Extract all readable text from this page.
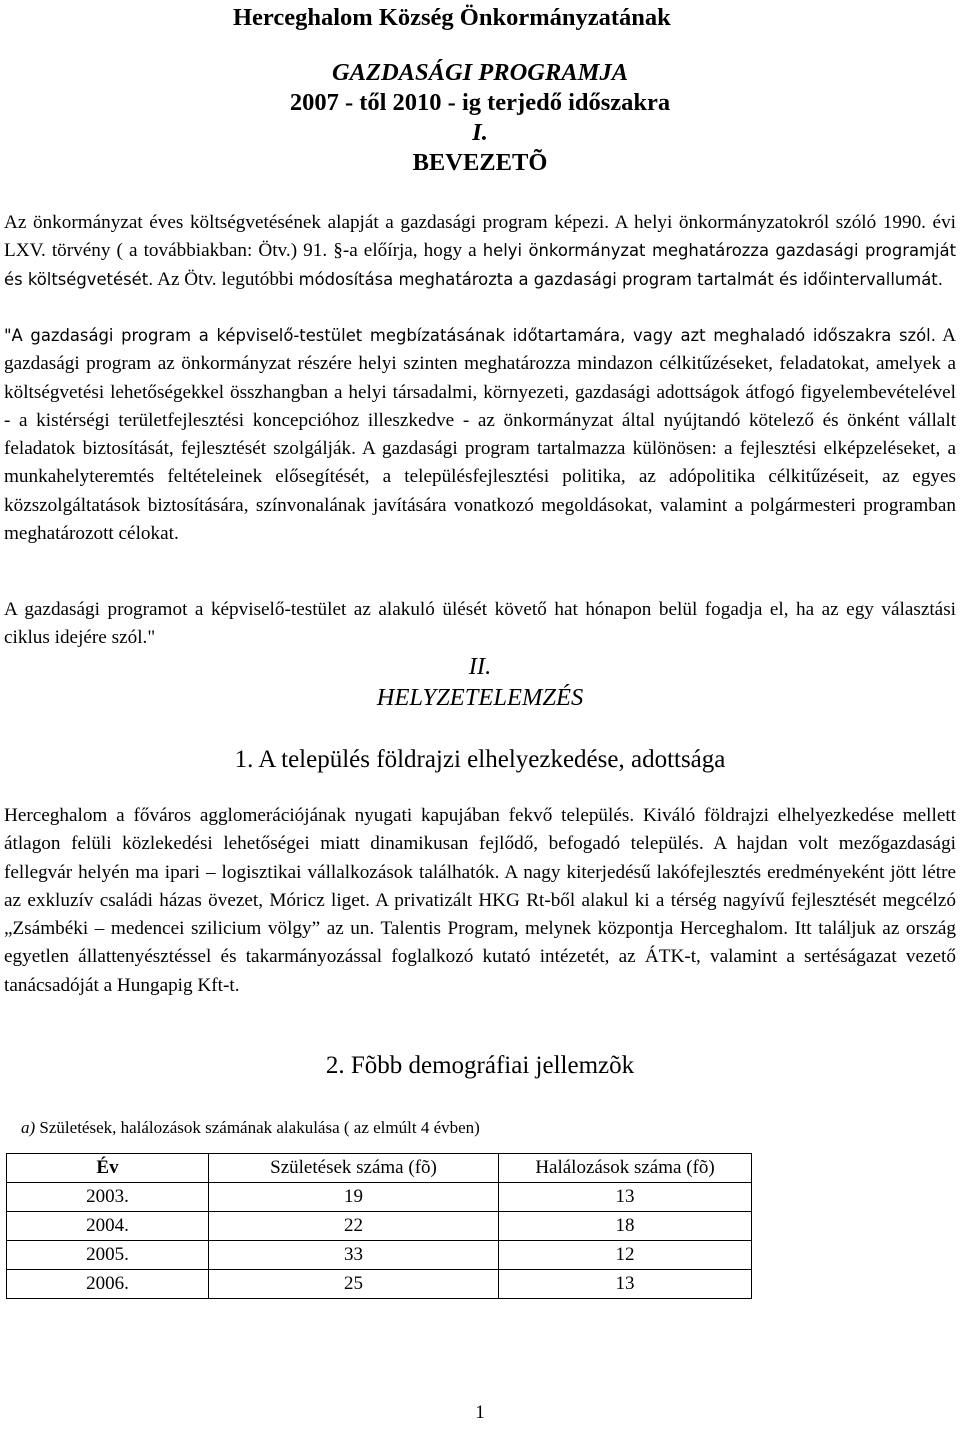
Herceghalom Község Önkormányzatának
GAZDASÁGI PROGRAMJA
2007 - től 2010 - ig terjedő időszakra
I.
BEVEZETÕ
Az önkormányzat éves költségvetésének alapját a gazdasági program képezi. A helyi önkormányzatokról szóló 1990. évi LXV. törvény ( a továbbiakban: Ötv.) 91. §-a előírja, hogy a helyi önkormányzat meghatározza gazdasági programját és költségvetését. Az Ötv. legutóbbi módosítása meghatározta a gazdasági program tartalmát és időintervallumát.
"A gazdasági program a képviselő-testület megbízatásának időtartamára, vagy azt meghaladó időszakra szól. A gazdasági program az önkormányzat részére helyi szinten meghatározza mindazon célkitűzéseket, feladatokat, amelyek a költségvetési lehetőségekkel összhangban a helyi társadalmi, környezeti, gazdasági adottságok átfogó figyelembevételével - a kistérségi területfejlesztési koncepcióhoz illeszkedve - az önkormányzat által nyújtandó kötelező és önként vállalt feladatok biztosítását, fejlesztését szolgálják. A gazdasági program tartalmazza különösen: a fejlesztési elképzeléseket, a munkahelyteremtés feltételeinek elősegítését, a településfejlesztési politika, az adópolitika célkitűzéseit, az egyes közszolgáltatások biztosítására, színvonalának javítására vonatkozó megoldásokat, valamint a polgármesteri programban meghatározott célokat.
A gazdasági programot a képviselő-testület az alakuló ülését követő hat hónapon belül fogadja el, ha az egy választási ciklus idejére szól."
II.
HELYZETELEMZÉS
1. A település földrajzi elhelyezkedése, adottsága
Herceghalom a főváros agglomerációjának nyugati kapujában fekvő település. Kiváló földrajzi elhelyezkedése mellett átlagon felüli közlekedési lehetőségei miatt dinamikusan fejlődő, befogadó település. A hajdan volt mezőgazdasági fellegvár helyén ma ipari – logisztikai vállalkozások találhatók. A nagy kiterjedésű lakófejlesztés eredményeként jött létre az exkluzív családi házas övezet, Móricz liget. A privatizált HKG Rt-ből alakul ki a térség nagyívű fejlesztését megcélzó „Zsámbéki – medencei szilicium völgy” az un. Talentis Program, melynek központja Herceghalom. Itt találjuk az ország egyetlen állattenyésztéssel és takarmányozással foglalkozó kutató intézetét, az ÁTK-t, valamint a sertéságazat vezető tanácsadóját a Hungapig Kft-t.
2. Fõbb demográfiai jellemzõk
a) Születések, halálozások számának alakulása ( az elmúlt 4 évben)
Év	Születések száma (fõ)	Halálozások száma (fõ)
2003.	19	13
2004.	22	18
2005.	33	12
2006.	25	13
1
